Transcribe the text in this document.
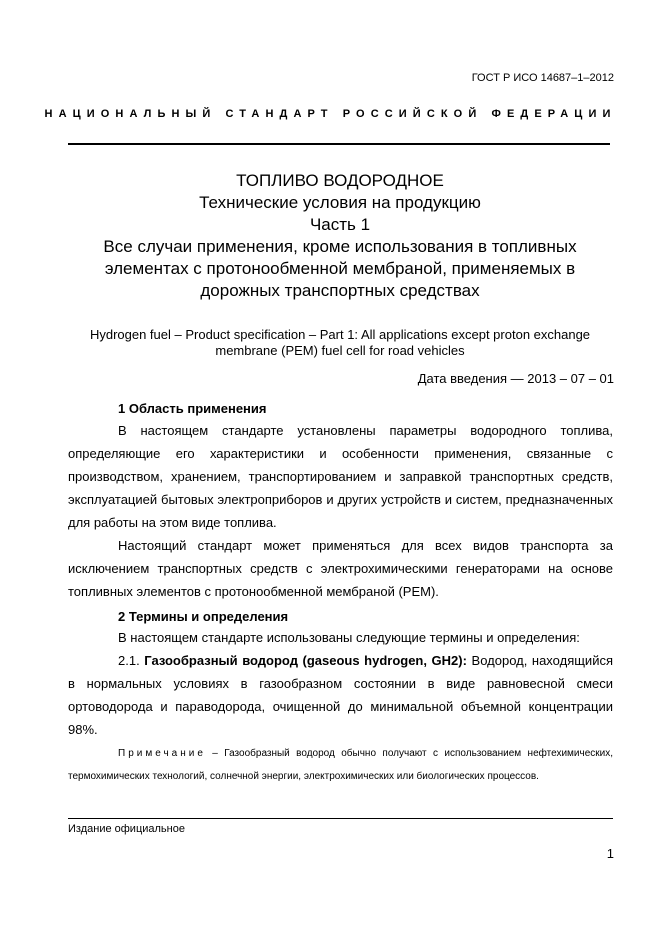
ГОСТ Р ИСО 14687–1–2012
НАЦИОНАЛЬНЫЙ СТАНДАРТ РОССИЙСКОЙ ФЕДЕРАЦИИ
ТОПЛИВО ВОДОРОДНОЕ
Технические условия на продукцию
Часть 1
Все случаи применения, кроме использования в топливных
элементах с протонообменной мембраной, применяемых в
дорожных транспортных средствах
Hydrogen fuel – Product specification – Part 1: All applications except proton exchange
membrane (PEM) fuel cell for road vehicles
Дата введения — 2013 – 07 – 01
1 Область применения

В настоящем стандарте установлены параметры водородного топлива, определяющие его характеристики и особенности применения, связанные с производством, хранением, транспортированием и заправкой транспортных средств, эксплуатацией бытовых электроприборов и других устройств и систем, предназначенных для работы на этом виде топлива.

Настоящий стандарт может применяться для всех видов транспорта за исключением транспортных средств с электрохимическими генераторами на основе топливных элементов с протонообменной мембраной (PEM).

2 Термины и определения
В настоящем стандарте использованы следующие термины и определения:

2.1. Газообразный водород (gaseous hydrogen, GH2): Водород, находящийся в нормальных условиях в газообразном состоянии в виде равновесной смеси ортоводорода и параводорода, очищенной до минимальной объемной концентрации 98%.

Примечание – Газообразный водород обычно получают с использованием нефтехимических, термохимических технологий, солнечной энергии, электрохимических или биологических процессов.

Издание официальное
1
